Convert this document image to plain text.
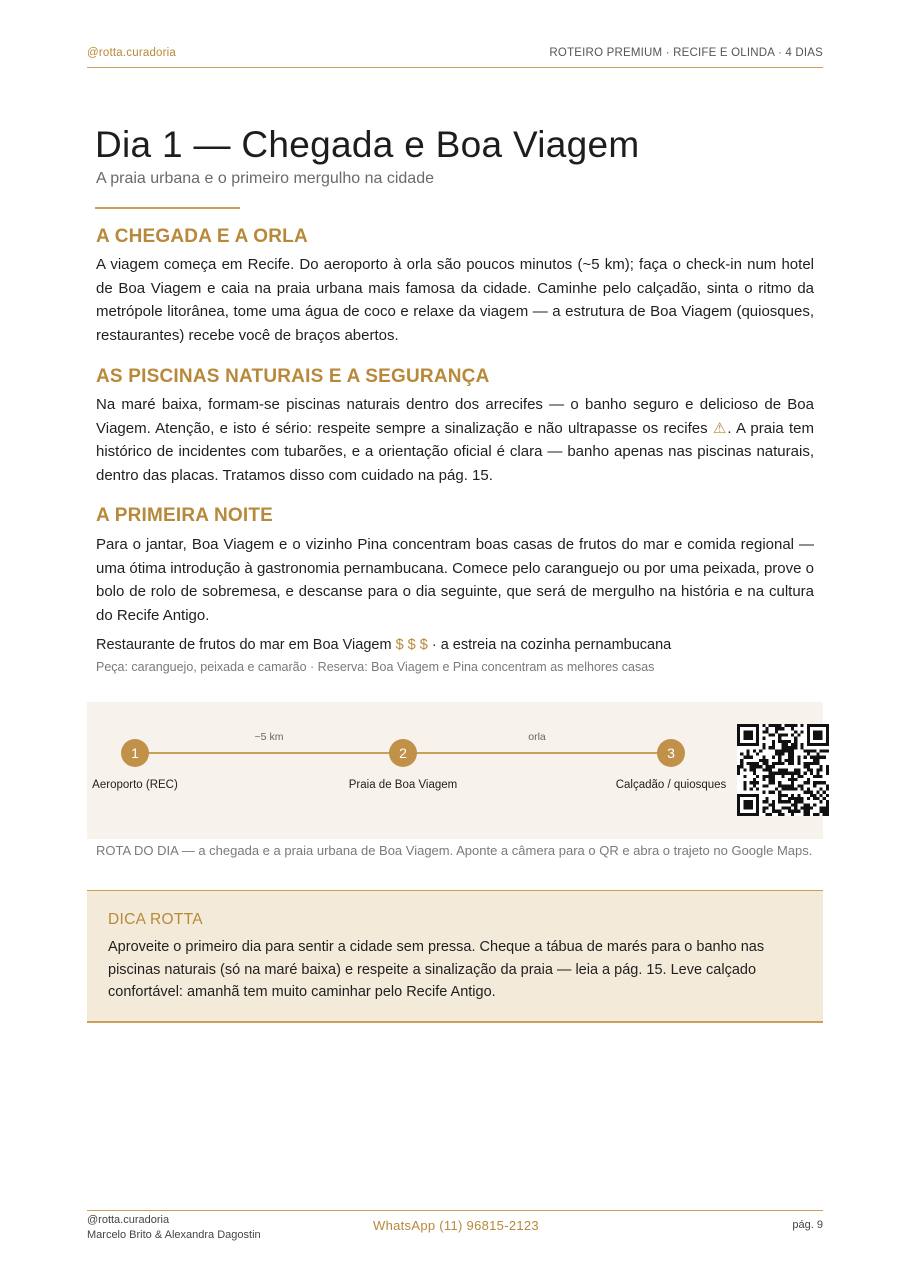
@rotta.curadoria	ROTEIRO PREMIUM · RECIFE E OLINDA · 4 DIAS
Dia 1 — Chegada e Boa Viagem
A praia urbana e o primeiro mergulho na cidade
A CHEGADA E A ORLA

A viagem começa em Recife. Do aeroporto à orla são poucos minutos (~5 km); faça o check-in num hotel de Boa Viagem e caia na praia urbana mais famosa da cidade. Caminhe pelo calçadão, sinta o ritmo da metrópole litorânea, tome uma água de coco e relaxe da viagem — a estrutura de Boa Viagem (quiosques, restaurantes) recebe você de braços abertos.

AS PISCINAS NATURAIS E A SEGURANÇA

Na maré baixa, formam-se piscinas naturais dentro dos arrecifes — o banho seguro e delicioso de Boa Viagem. Atenção, e isto é sério: respeite sempre a sinalização e não ultrapasse os recifes ⚠. A praia tem histórico de incidentes com tubarões, e a orientação oficial é clara — banho apenas nas piscinas naturais, dentro das placas. Tratamos disso com cuidado na pág. 15.

A PRIMEIRA NOITE

Para o jantar, Boa Viagem e o vizinho Pina concentram boas casas de frutos do mar e comida regional — uma ótima introdução à gastronomia pernambucana. Comece pelo caranguejo ou por uma peixada, prove o bolo de rolo de sobremesa, e descanse para o dia seguinte, que será de mergulho na história e na cultura do Recife Antigo.

Restaurante de frutos do mar em Boa Viagem $ $ $ · a estreia na cozinha pernambucana
Peça: caranguejo, peixada e camarão · Reserva: Boa Viagem e Pina concentram as melhores casas
~5 km	orla
1	2	3
Aeroporto (REC)	Praia de Boa Viagem	Calçadão / quiosques

ROTA DO DIA — a chegada e a praia urbana de Boa Viagem. Aponte a câmera para o QR e abra o trajeto no Google Maps.

DICA ROTTA

Aproveite o primeiro dia para sentir a cidade sem pressa. Cheque a tábua de marés para o banho nas piscinas naturais (só na maré baixa) e respeite a sinalização da praia — leia a pág. 15. Leve calçado confortável: amanhã tem muito caminhar pelo Recife Antigo.

@rotta.curadoria
Marcelo Brito & Alexandra Dagostin
WhatsApp (11) 96815-2123	pág. 9
